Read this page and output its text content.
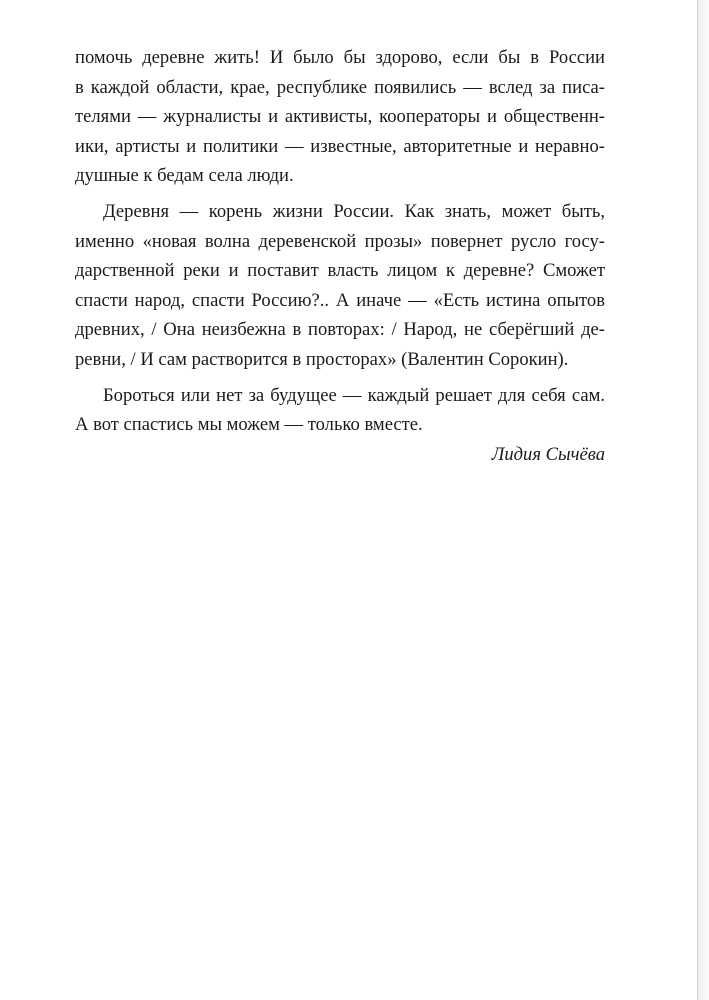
помочь деревне жить! И было бы здорово, если бы в России
в каждой области, крае, республике появились — вслед за писа-
телями — журналисты и активисты, кооператоры и общественн-
ики, артисты и политики — известные, авторитетные и неравно-
душные к бедам села люди.
Деревня — корень жизни России. Как знать, может быть,
именно «новая волна деревенской прозы» повернет русло госу-
дарственной реки и поставит власть лицом к деревне? Сможет
спасти народ, спасти Россию?.. А иначе — «Есть истина опытов
древних, / Она неизбежна в повторах: / Народ, не сберёгший де-
ревни, / И сам растворится в просторах» (Валентин Сорокин).
Бороться или нет за будущее — каждый решает для себя сам.
А вот спастись мы можем — только вместе.
Лидия Сычёва
